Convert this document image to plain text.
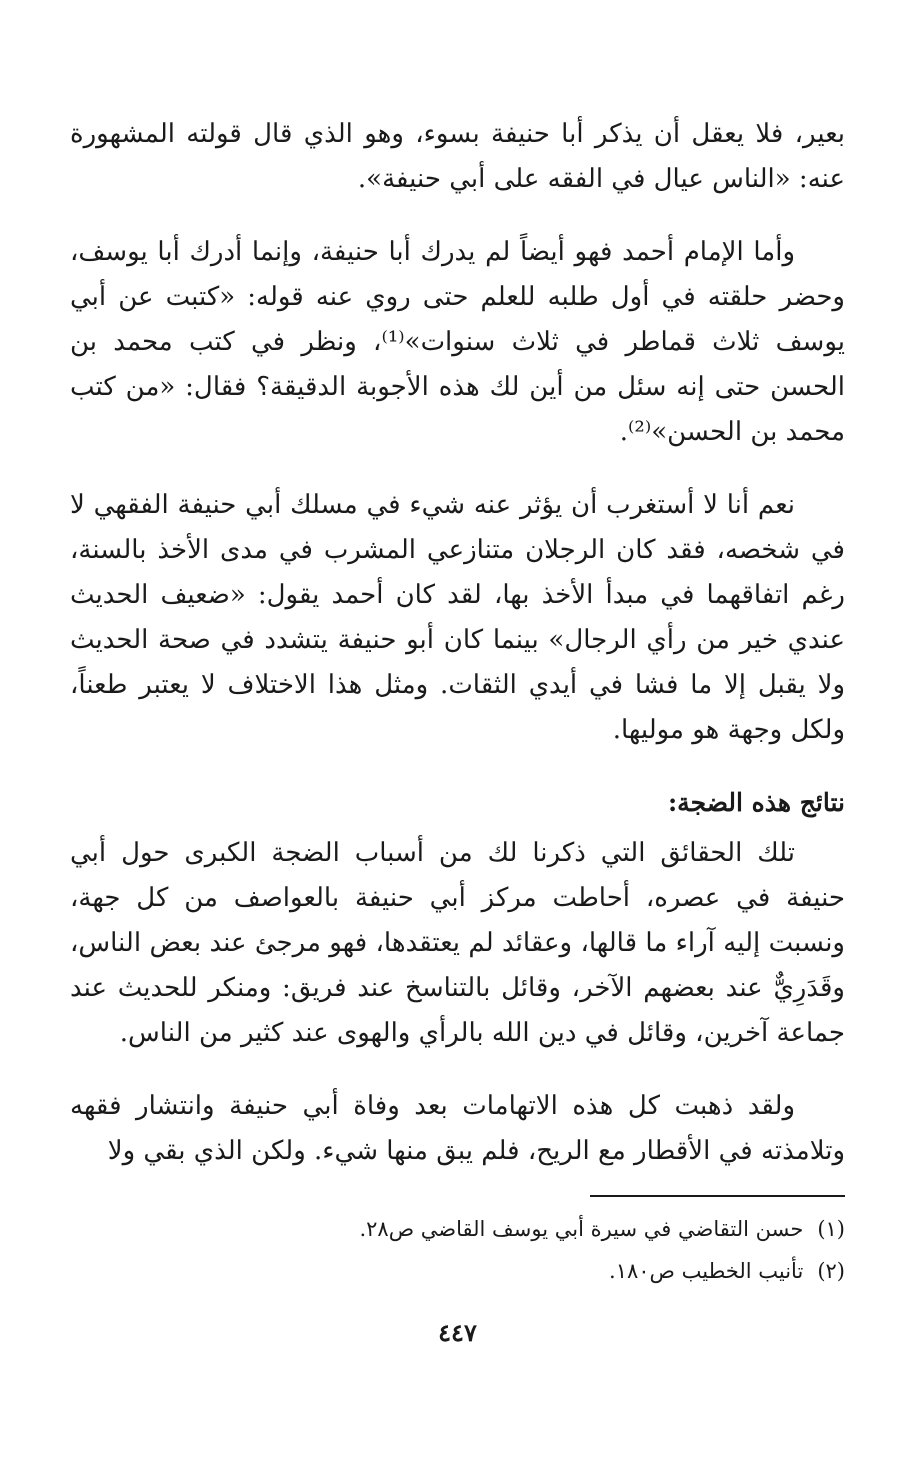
بعير، فلا يعقل أن يذكر أبا حنيفة بسوء، وهو الذي قال قولته المشهورة عنه: «الناس عيال في الفقه على أبي حنيفة».

وأما الإمام أحمد فهو أيضاً لم يدرك أبا حنيفة، وإنما أدرك أبا يوسف، وحضر حلقته في أول طلبه للعلم حتى روي عنه قوله: «كتبت عن أبي يوسف ثلاث قماطر في ثلاث سنوات»⁽¹⁾، ونظر في كتب محمد بن الحسن حتى إنه سئل من أين لك هذه الأجوبة الدقيقة؟ فقال: «من كتب محمد بن الحسن»⁽²⁾.

نعم أنا لا أستغرب أن يؤثر عنه شيء في مسلك أبي حنيفة الفقهي لا في شخصه، فقد كان الرجلان متنازعي المشرب في مدى الأخذ بالسنة، رغم اتفاقهما في مبدأ الأخذ بها، لقد كان أحمد يقول: «ضعيف الحديث عندي خير من رأي الرجال» بينما كان أبو حنيفة يتشدد في صحة الحديث ولا يقبل إلا ما فشا في أيدي الثقات. ومثل هذا الاختلاف لا يعتبر طعناً، ولكل وجهة هو موليها.

نتائج هذه الضجة:

تلك الحقائق التي ذكرنا لك من أسباب الضجة الكبرى حول أبي حنيفة في عصره، أحاطت مركز أبي حنيفة بالعواصف من كل جهة، ونسبت إليه آراء ما قالها، وعقائد لم يعتقدها، فهو مرجئ عند بعض الناس، وقَدَرِيٌّ عند بعضهم الآخر، وقائل بالتناسخ عند فريق: ومنكر للحديث عند جماعة آخرين، وقائل في دين الله بالرأي والهوى عند كثير من الناس.

ولقد ذهبت كل هذه الاتهامات بعد وفاة أبي حنيفة وانتشار فقهه وتلامذته في الأقطار مع الريح، فلم يبق منها شيء. ولكن الذي بقي ولا

(١)حسن التقاضي في سيرة أبي يوسف القاضي ص٢٨.

(٢)تأنيب الخطيب ص١٨٠.

٤٤٧
